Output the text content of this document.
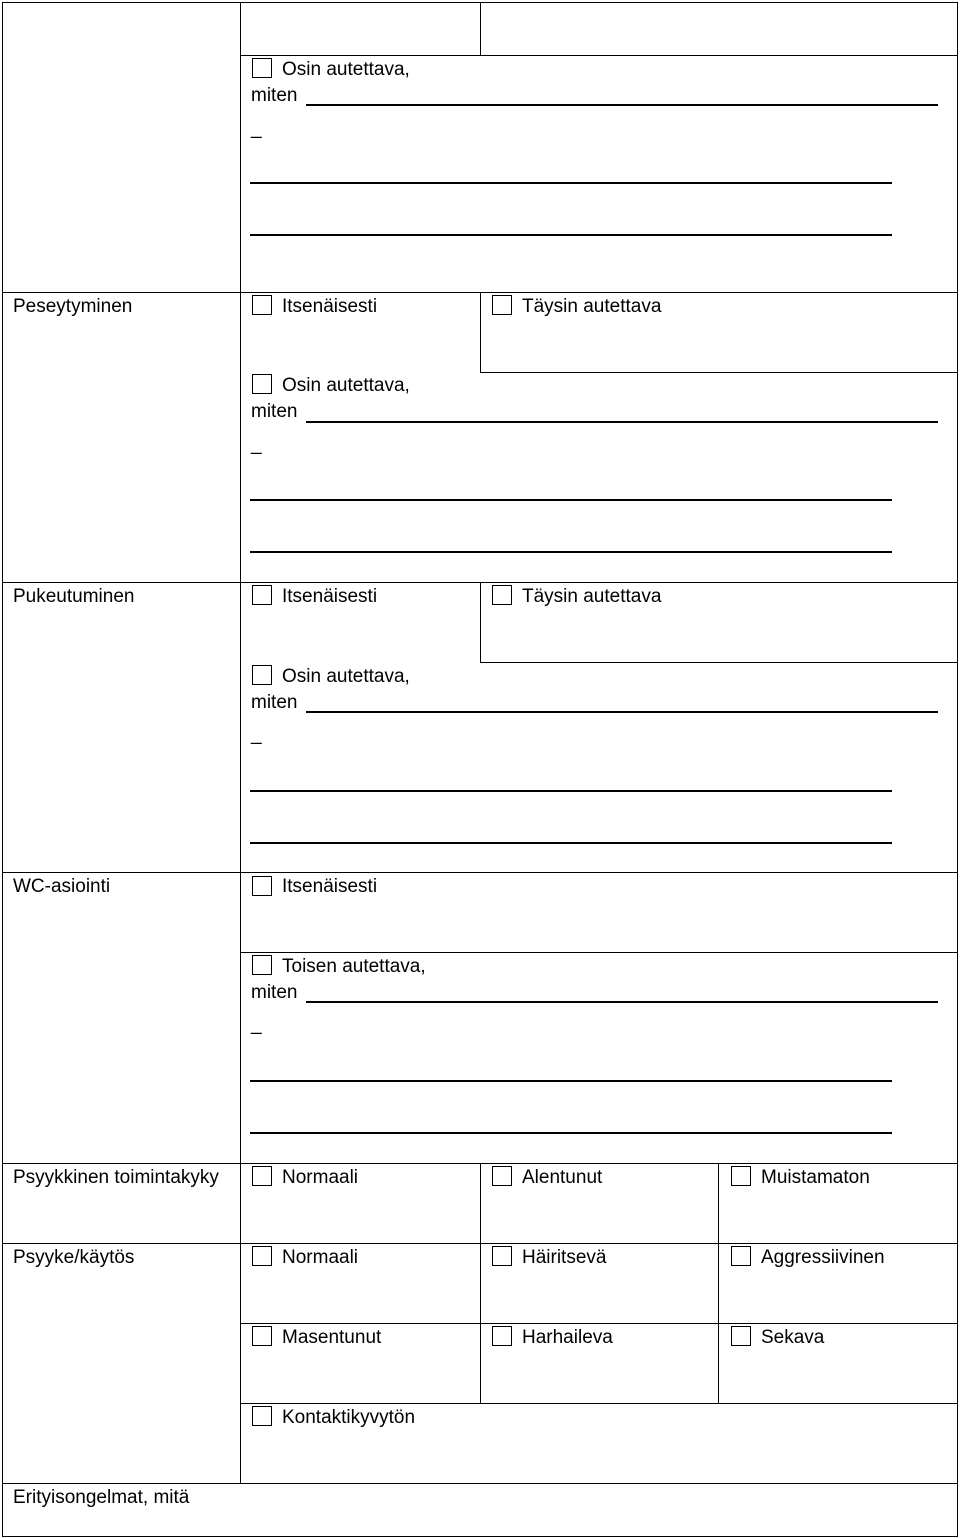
Osin autettava,
miten
_
Peseytyminen	Itsenäisesti	Täysin autettava
Osin autettava,
miten
_
Pukeutuminen	Itsenäisesti	Täysin autettava
Osin autettava,
miten
_
WC-asiointi	Itsenäisesti
Toisen autettava,
miten
_
Psyykkinen toimintakyky	Normaali	Alentunut	Muistamaton
Psyyke/käytös	Normaali	Häiritsevä	Aggressiivinen
Masentunut	Harhaileva	Sekava
Kontaktikyvytön
Erityisongelmat, mitä
